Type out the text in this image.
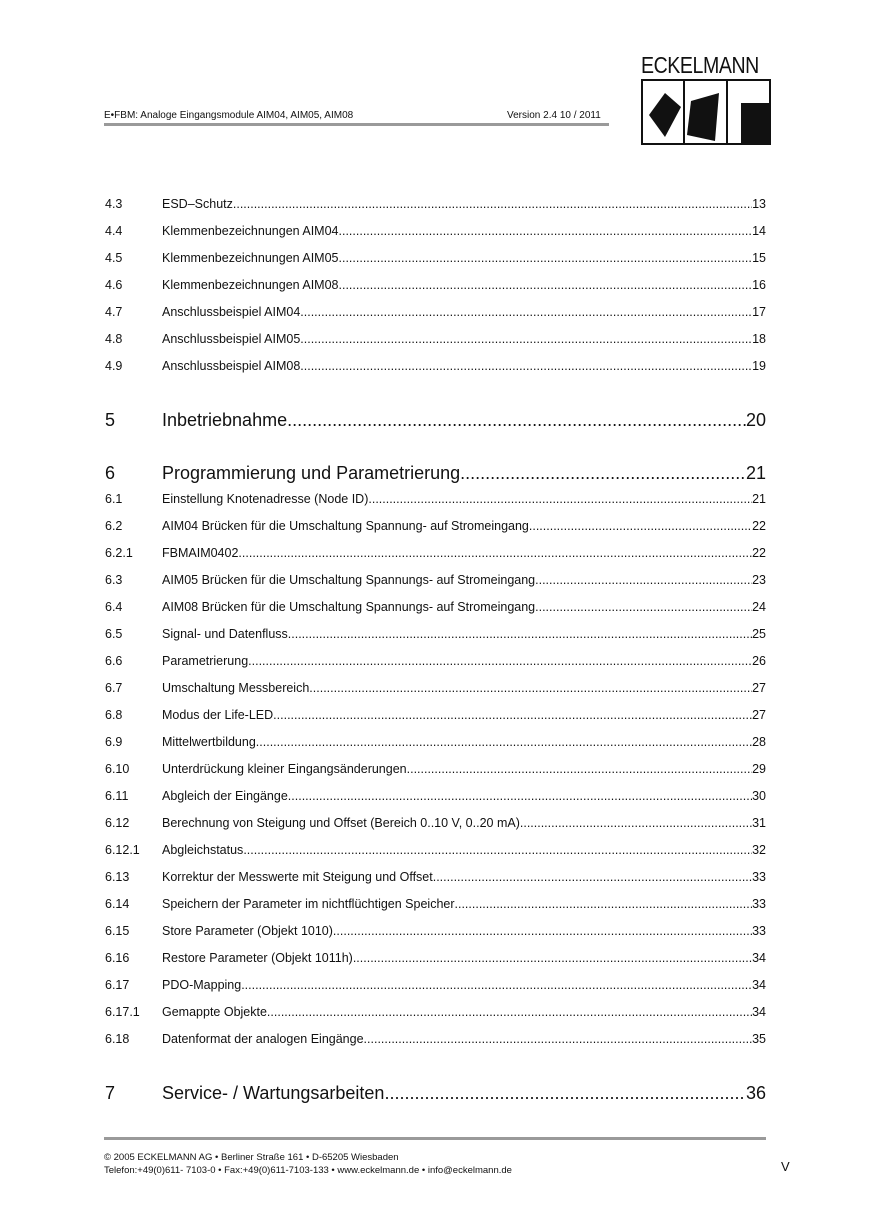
E•FBM: Analoge Eingangsmodule AIM04, AIM05, AIM08	Version 2.4 10 / 2011
ECKELMANN
4.3	ESD–Schutz .....	13
4.4	Klemmenbezeichnungen AIM04 .....	14
4.5	Klemmenbezeichnungen AIM05 .....	15
4.6	Klemmenbezeichnungen AIM08 .....	16
4.7	Anschlussbeispiel AIM04 .....	17
4.8	Anschlussbeispiel AIM05 .....	18
4.9	Anschlussbeispiel AIM08 .....	19
5	Inbetriebnahme .....	20
6	Programmierung und Parametrierung .....	21
6.1	Einstellung Knotenadresse (Node ID) .....	21
6.2	AIM04 Brücken für die Umschaltung Spannung- auf Stromeingang .....	22
6.2.1	FBMAIM0402 .....	22
6.3	AIM05 Brücken für die Umschaltung Spannungs- auf Stromeingang .....	23
6.4	AIM08 Brücken für die Umschaltung Spannungs- auf Stromeingang .....	24
6.5	Signal- und Datenfluss .....	25
6.6	Parametrierung .....	26
6.7	Umschaltung Messbereich .....	27
6.8	Modus der Life-LED .....	27
6.9	Mittelwertbildung .....	28
6.10	Unterdrückung kleiner Eingangsänderungen .....	29
6.11	Abgleich der Eingänge .....	30
6.12	Berechnung von Steigung und Offset (Bereich 0..10 V, 0..20 mA) .....	31
6.12.1	Abgleichstatus .....	32
6.13	Korrektur der Messwerte mit Steigung und Offset .....	33
6.14	Speichern der Parameter im nichtflüchtigen Speicher .....	33
6.15	Store Parameter (Objekt 1010) .....	33
6.16	Restore Parameter (Objekt 1011h) .....	34
6.17	PDO-Mapping .....	34
6.17.1	Gemappte Objekte .....	34
6.18	Datenformat der analogen Eingänge .....	35
7	Service- / Wartungsarbeiten .....	36
© 2005 ECKELMANN AG • Berliner Straße 161 • D-65205 Wiesbaden
Telefon:+49(0)611- 7103-0 • Fax:+49(0)611-7103-133 • www.eckelmann.de • info@eckelmann.de	V
